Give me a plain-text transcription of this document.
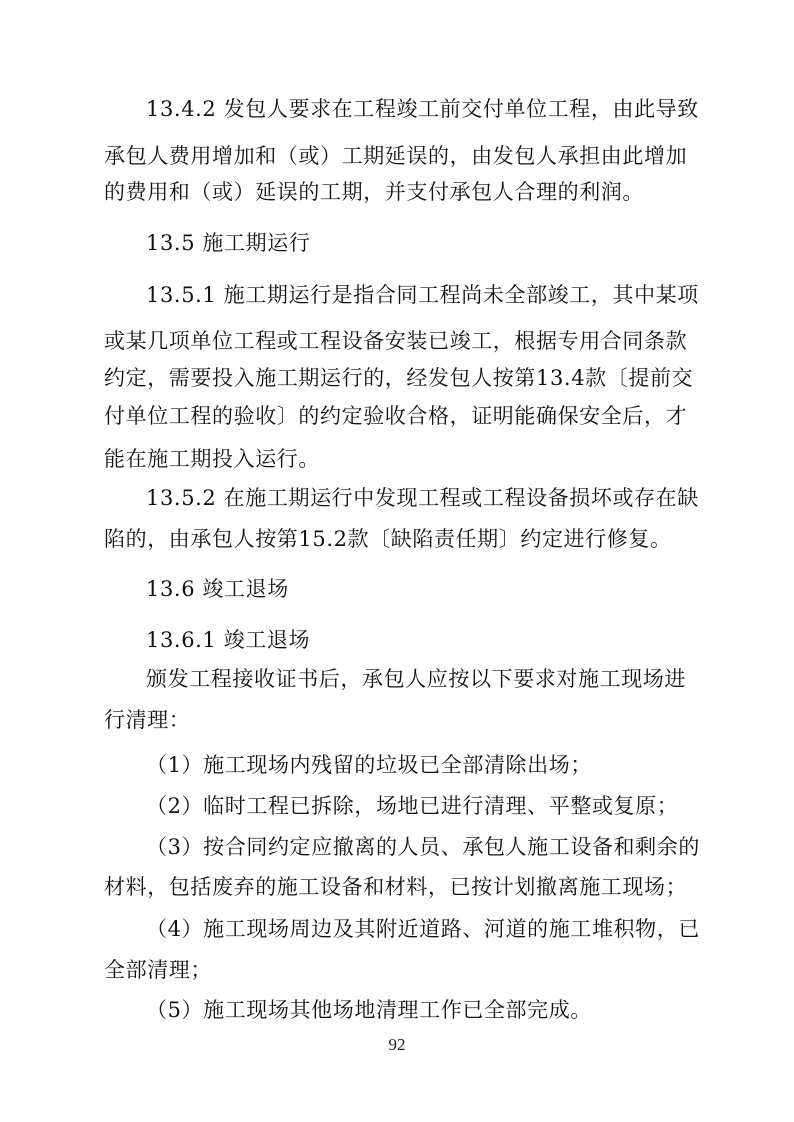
13.4.2 发包人要求在工程竣工前交付单位工程，由此导致
承包人费用增加和（或）工期延误的，由发包人承担由此增加
的费用和（或）延误的工期，并支付承包人合理的利润。
13.5 施工期运行
13.5.1 施工期运行是指合同工程尚未全部竣工，其中某项
或某几项单位工程或工程设备安装已竣工，根据专用合同条款
约定，需要投入施工期运行的，经发包人按第13.4款〔提前交
付单位工程的验收〕的约定验收合格，证明能确保安全后，才
能在施工期投入运行。
13.5.2 在施工期运行中发现工程或工程设备损坏或存在缺
陷的，由承包人按第15.2款〔缺陷责任期〕约定进行修复。
13.6 竣工退场
13.6.1 竣工退场
颁发工程接收证书后，承包人应按以下要求对施工现场进
行清理：
（1）施工现场内残留的垃圾已全部清除出场；
（2）临时工程已拆除，场地已进行清理、平整或复原；
（3）按合同约定应撤离的人员、承包人施工设备和剩余的
材料，包括废弃的施工设备和材料，已按计划撤离施工现场；
（4）施工现场周边及其附近道路、河道的施工堆积物，已
全部清理；
（5）施工现场其他场地清理工作已全部完成。
92
